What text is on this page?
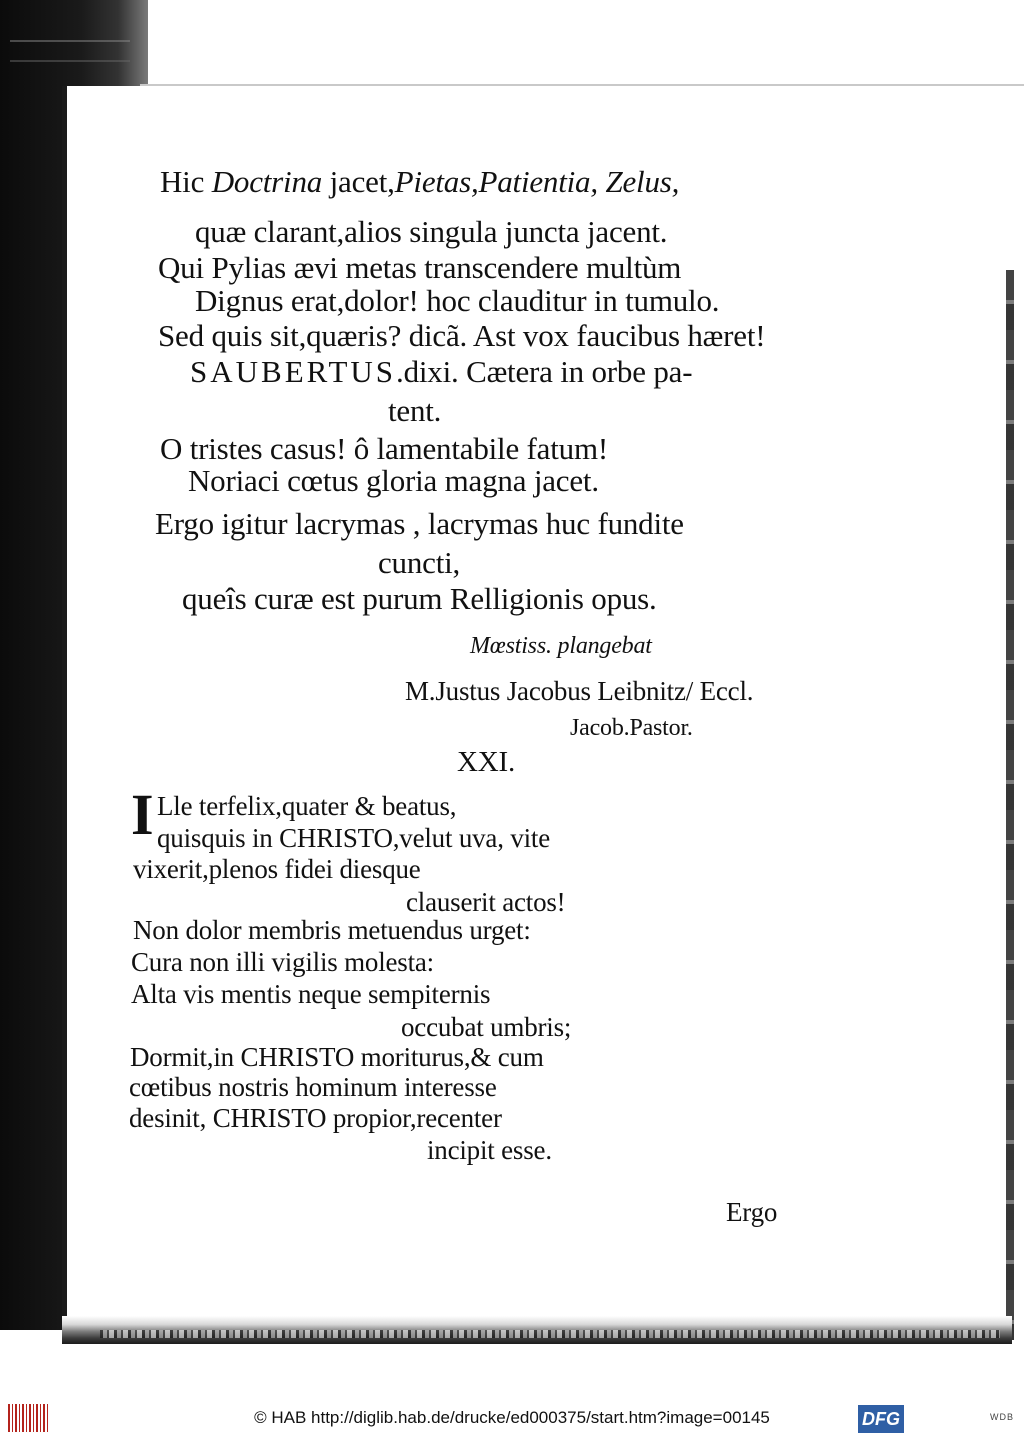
Hic Doctrina jacet,Pietas,Patientia, Zelus,
quæ clarant,alios singula juncta jacent.
Qui Pylias ævi metas transcendere multùm
Dignus erat,dolor! hoc clauditur in tumulo.
Sed quis sit,quæris? dicã. Ast vox faucibus hæret!
SAUBERTUS.dixi. Cætera in orbe pa-
tent.
O tristes casus! ô lamentabile fatum!
Noriaci cœtus gloria magna jacet.
Ergo igitur lacrymas , lacrymas huc fundite
cuncti,
queîs curæ est purum Relligionis opus.
Mœstiss. plangebat
M.Justus Jacobus Leibnitz/ Eccl.
Jacob.Pastor.
XXI.
I Lle terfelix,quater & beatus,
quisquis in CHRISTO,velut uva, vite
vixerit,plenos fidei diesque
clauserit actos!
Non dolor membris metuendus urget:
Cura non illi vigilis molesta:
Alta vis mentis neque sempiternis
occubat umbris;
Dormit,in CHRISTO moriturus,& cum
cœtibus nostris hominum interesse
desinit, CHRISTO propior,recenter
incipit esse.
Ergo
© HAB http://diglib.hab.de/drucke/ed000375/start.htm?image=00145	DFG	WDB
